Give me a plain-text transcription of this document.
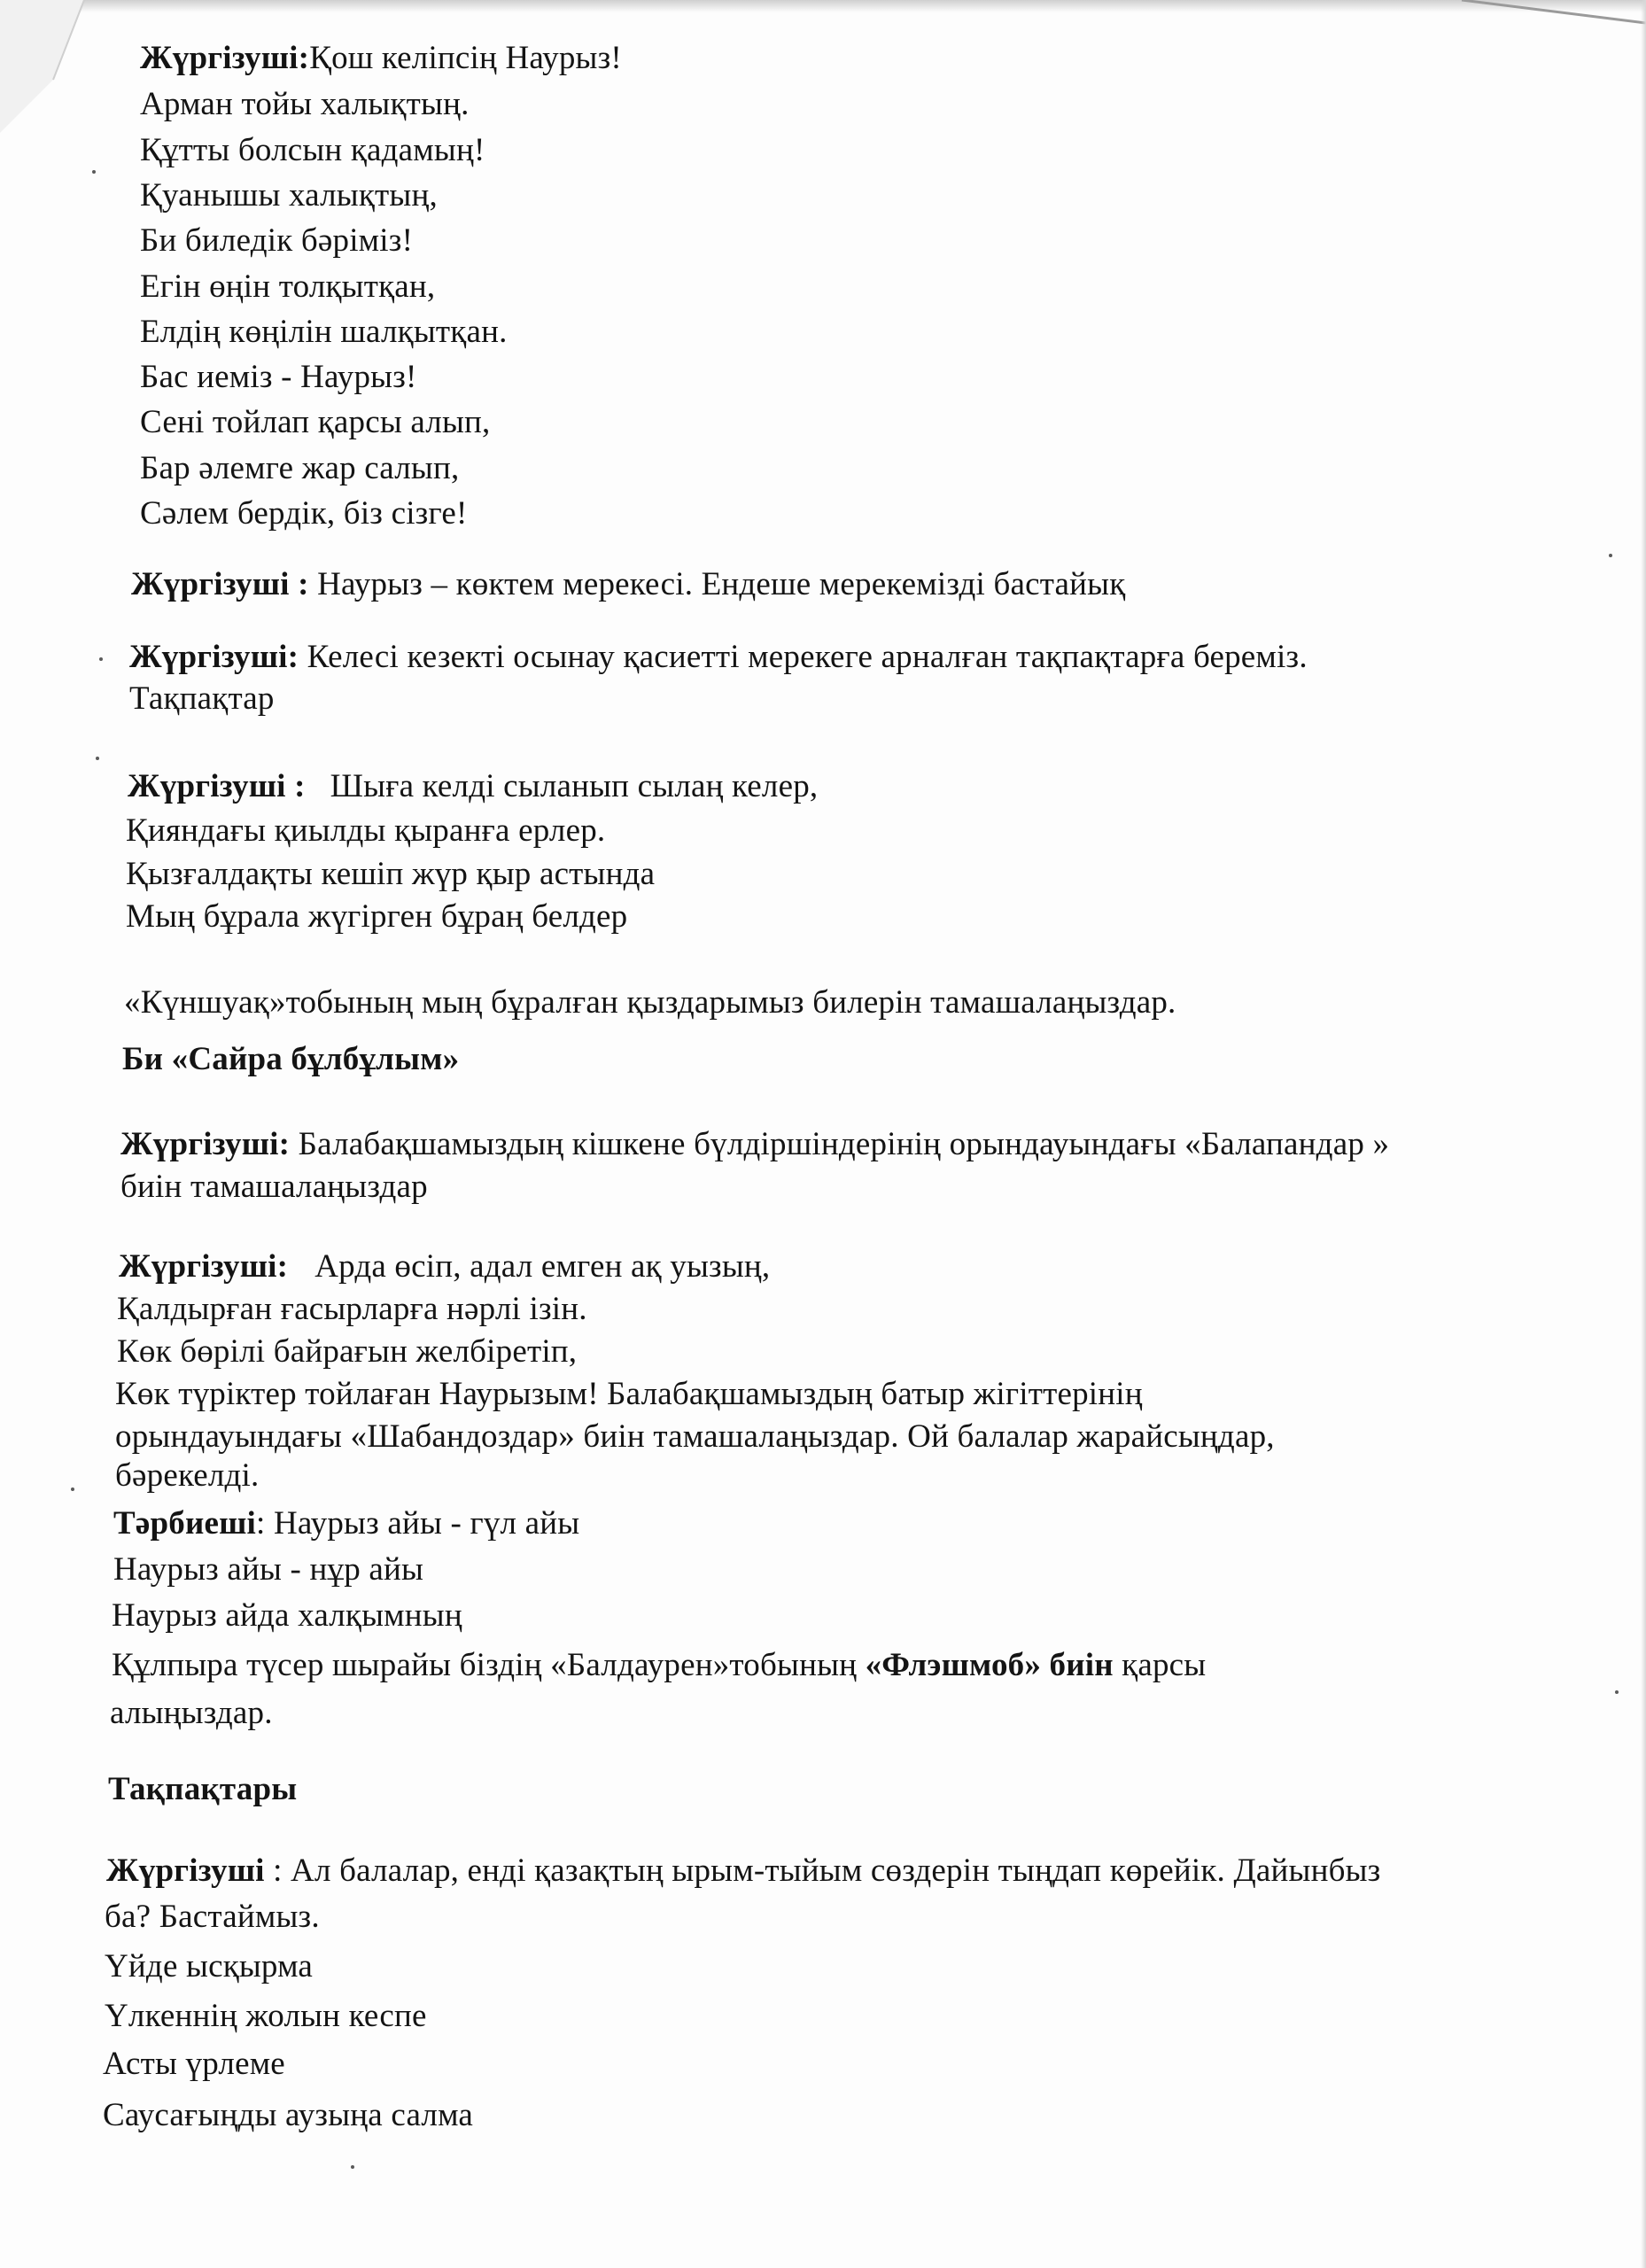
Жүргізуші:Қош келіпсің Наурыз!
Арман тойы халықтың.
Құтты болсын қадамың!
Қуанышы халықтың,
Би биледік бәріміз!
Егін өңін толқытқан,
Елдің көңілін шалқытқан.
Бас иеміз - Наурыз!
Сені тойлап қарсы алып,
Бар әлемге жар салып,
Сәлем бердік, біз сізге!
Жүргізуші : Наурыз – көктем мерекесі. Ендеше мерекемізді бастайық
Жүргізуші: Келесі кезекті осынау қасиетті мерекеге арналған тақпақтарға береміз.
Тақпақтар
Жүргізуші : Шыға келді сыланып сылаң келер,
Қияндағы қиылды қыранға ерлер.
Қызғалдақты кешіп жүр қыр астында
Мың бұрала жүгірген бұраң белдер
«Күншуақ»тобының мың бұралған қыздарымыз билерін тамашалаңыздар.
Би «Сайра бұлбұлым»
Жүргізуші: Балабақшамыздың кішкене бүлдіршіндерінің орындауындағы «Балапандар »
биін тамашалаңыздар
Жүргізуші: Арда өсіп, адал емген ақ уызың,
Қалдырған ғасырларға нәрлі ізін.
Көк бөрілі байрағын желбіретіп,
Көк түріктер тойлаған Наурызым! Балабақшамыздың батыр жігіттерінің
орындауындағы «Шабандоздар» биін тамашалаңыздар. Ой балалар жарайсыңдар,
бәрекелді.
Тәрбиеші: Наурыз айы - гүл айы
Наурыз айы - нұр айы
Наурыз айда халқымның
Құлпыра түсер шырайы біздің «Балдаурен»тобының «Флэшмоб» биін қарсы
алыңыздар.
Тақпақтары
Жүргізуші : Ал балалар, енді қазақтың ырым-тыйым сөздерін тыңдап көрейік. Дайынбыз
ба? Бастаймыз.
Үйде ысқырма
Үлкеннің жолын кеспе
Асты үрлеме
Саусағыңды аузыңа салма
